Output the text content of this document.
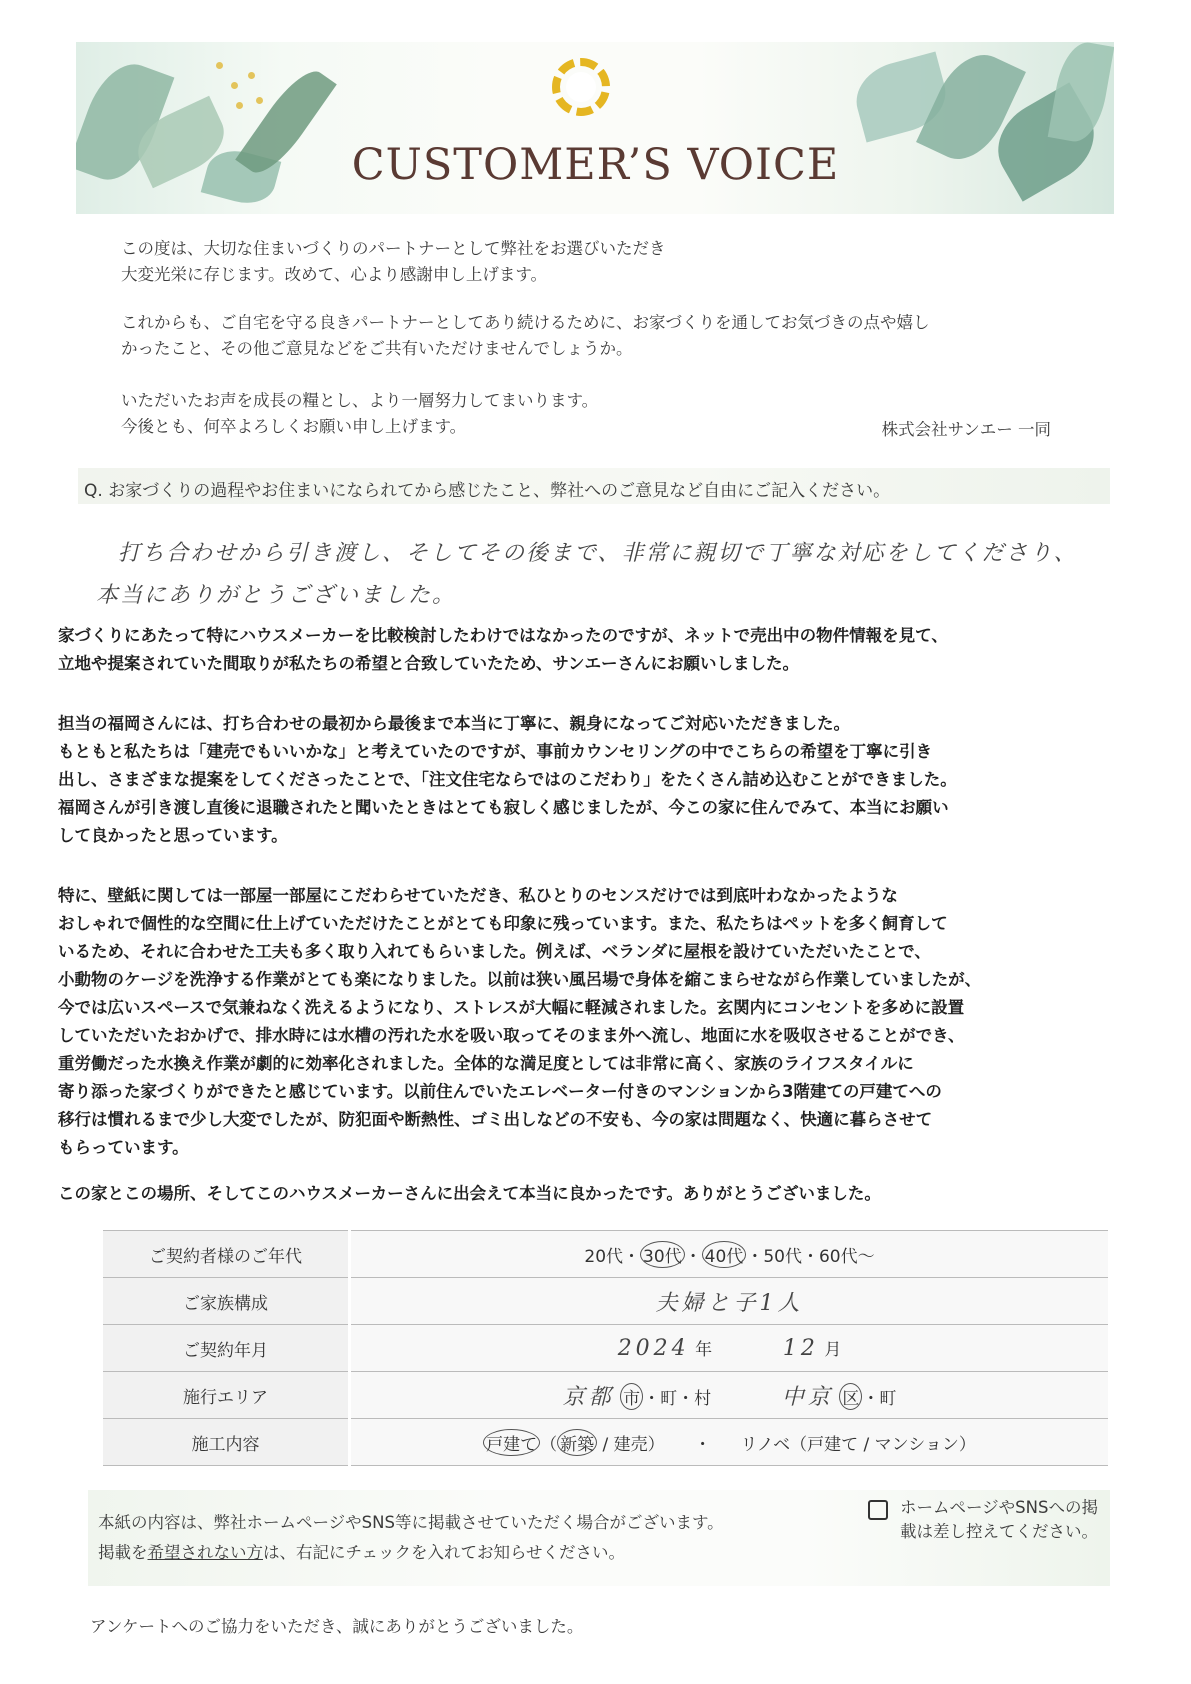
CUSTOMER’S VOICE
この度は、大切な住まいづくりのパートナーとして弊社をお選びいただき
大変光栄に存じます。改めて、心より感謝申し上げます。
これからも、ご自宅を守る良きパートナーとしてあり続けるために、お家づくりを通してお気づきの点や嬉し
かったこと、その他ご意見などをご共有いただけませんでしょうか。
いただいたお声を成長の糧とし、より一層努力してまいります。
今後とも、何卒よろしくお願い申し上げます。	株式会社サンエー 一同
Q. お家づくりの過程やお住まいになられてから感じたこと、弊社へのご意見など自由にご記入ください。
打ち合わせから引き渡し、そしてその後まで、非常に親切で丁寧な対応をしてくださり、
本当にありがとうございました。

家づくりにあたって特にハウスメーカーを比較検討したわけではなかったのですが、ネットで売出中の物件情報を見て、

立地や提案されていた間取りが私たちの希望と合致していたため、サンエーさんにお願いしました。

担当の福岡さんには、打ち合わせの最初から最後まで本当に丁寧に、親身になってご対応いただきました。

もともと私たちは「建売でもいいかな」と考えていたのですが、事前カウンセリングの中でこちらの希望を丁寧に引き

出し、さまざまな提案をしてくださったことで、「注文住宅ならではのこだわり」をたくさん詰め込むことができました。

福岡さんが引き渡し直後に退職されたと聞いたときはとても寂しく感じましたが、今この家に住んでみて、本当にお願い

して良かったと思っています。

特に、壁紙に関しては一部屋一部屋にこだわらせていただき、私ひとりのセンスだけでは到底叶わなかったような

おしゃれで個性的な空間に仕上げていただけたことがとても印象に残っています。また、私たちはペットを多く飼育して

いるため、それに合わせた工夫も多く取り入れてもらいました。例えば、ベランダに屋根を設けていただいたことで、

小動物のケージを洗浄する作業がとても楽になりました。以前は狭い風呂場で身体を縮こまらせながら作業していましたが、

今では広いスペースで気兼ねなく洗えるようになり、ストレスが大幅に軽減されました。玄関内にコンセントを多めに設置

していただいたおかげで、排水時には水槽の汚れた水を吸い取ってそのまま外へ流し、地面に水を吸収させることができ、

重労働だった水換え作業が劇的に効率化されました。全体的な満足度としては非常に高く、家族のライフスタイルに

寄り添った家づくりができたと感じています。以前住んでいたエレベーター付きのマンションから3階建ての戸建てへの

移行は慣れるまで少し大変でしたが、防犯面や断熱性、ゴミ出しなどの不安も、今の家は問題なく、快適に暮らさせて

もらっています。

この家とこの場所、そしてこのハウスメーカーさんに出会えて本当に良かったです。ありがとうございました。

ご契約者様のご年代	20代・ 30代 ・ 40代 ・50代・60代〜
ご家族構成	夫婦と子1人
ご契約年月	2024 年 12 月
施行エリア	京都 市 ・町・村 中京 区 ・町
施工内容	戸建て （ 新築 / 建売） ・ リノベ（戸建て / マンション）
本紙の内容は、弊社ホームページやSNS等に掲載させていただく場合がございます。
掲載を希望されない方は、右記にチェックを入れてお知らせください。
ホームページやSNSへの掲載は差し控えてください。
アンケートへのご協力をいただき、誠にありがとうございました。
